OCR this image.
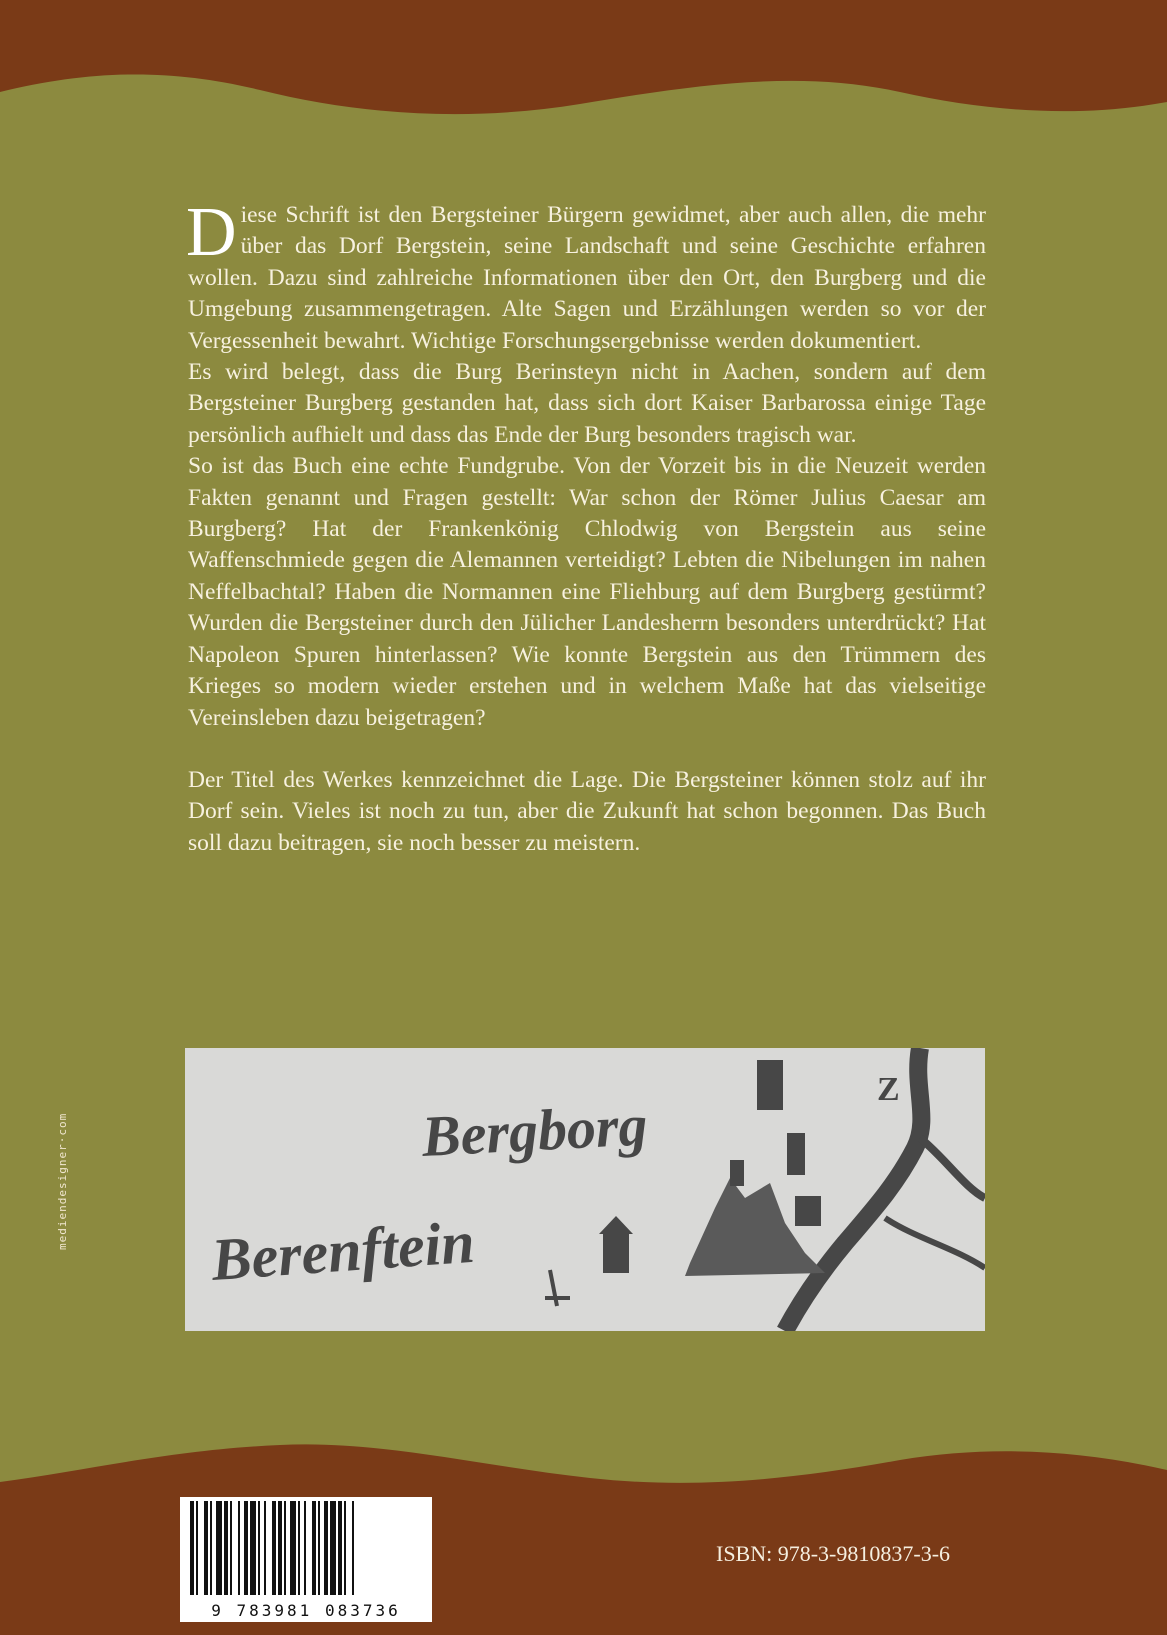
Diese Schrift ist den Bergsteiner Bürgern gewidmet, aber auch allen, die mehr über das Dorf Bergstein, seine Landschaft und seine Geschichte erfahren wollen. Dazu sind zahlreiche Informationen über den Ort, den Burgberg und die Umgebung zusammengetragen. Alte Sagen und Erzählungen werden so vor der Vergessenheit bewahrt. Wichtige Forschungsergebnisse werden dokumentiert.

Es wird belegt, dass die Burg Berinsteyn nicht in Aachen, sondern auf dem Bergsteiner Burgberg gestanden hat, dass sich dort Kaiser Barbarossa einige Tage persönlich aufhielt und dass das Ende der Burg besonders tragisch war.

So ist das Buch eine echte Fundgrube. Von der Vorzeit bis in die Neuzeit werden Fakten genannt und Fragen gestellt: War schon der Römer Julius Caesar am Burgberg? Hat der Frankenkönig Chlodwig von Bergstein aus seine Waffenschmiede gegen die Alemannen verteidigt? Lebten die Nibelungen im nahen Neffelbachtal? Haben die Normannen eine Fliehburg auf dem Burgberg gestürmt? Wurden die Bergsteiner durch den Jülicher Landesherrn besonders unterdrückt? Hat Napoleon Spuren hinterlassen? Wie konnte Bergstein aus den Trümmern des Krieges so modern wieder erstehen und in welchem Maße hat das vielseitige Vereinsleben dazu beigetragen?

Der Titel des Werkes kennzeichnet die Lage. Die Bergsteiner können stolz auf ihr Dorf sein. Vieles ist noch zu tun, aber die Zukunft hat schon begonnen. Das Buch soll dazu beitragen, sie noch besser zu meistern.

Bergborg
Berenftein
Z
mediendesigner·com
9 783981 083736
ISBN: 978-3-9810837-3-6
